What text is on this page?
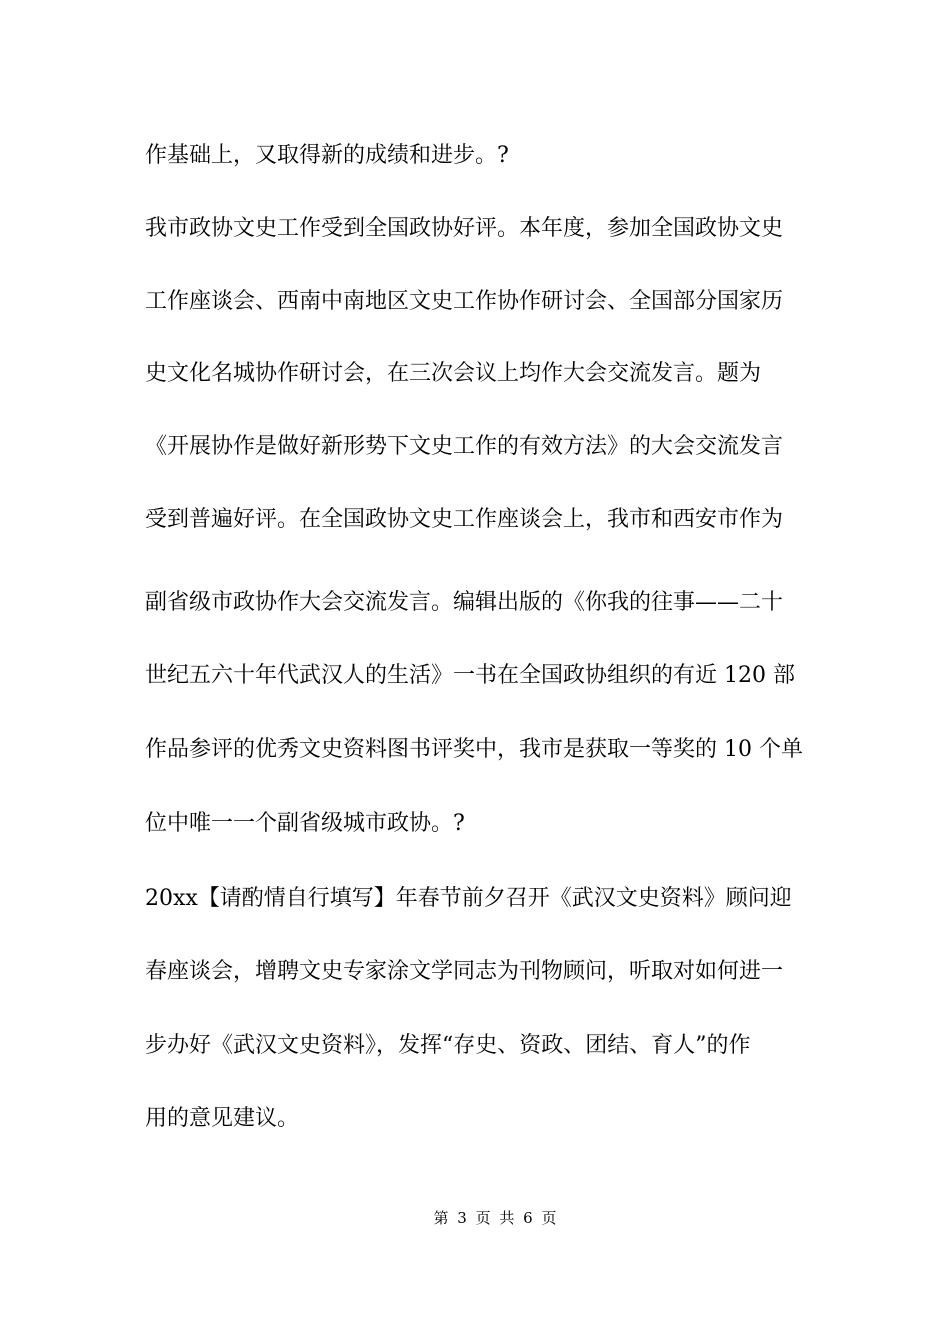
作基础上，又取得新的成绩和进步。?
我市政协文史工作受到全国政协好评。本年度，参加全国政协文史
工作座谈会、西南中南地区文史工作协作研讨会、全国部分国家历
史文化名城协作研讨会，在三次会议上均作大会交流发言。题为
《开展协作是做好新形势下文史工作的有效方法》的大会交流发言
受到普遍好评。在全国政协文史工作座谈会上，我市和西安市作为
副省级市政协作大会交流发言。编辑出版的《你我的往事——二十
世纪五六十年代武汉人的生活》一书在全国政协组织的有近 120 部
作品参评的优秀文史资料图书评奖中，我市是获取一等奖的 10 个单
位中唯一一个副省级城市政协。?
20xx【请酌情自行填写】年春节前夕召开《武汉文史资料》顾问迎
春座谈会，增聘文史专家涂文学同志为刊物顾问，听取对如何进一
步办好《武汉文史资料》，发挥“存史、资政、团结、育人”的作
用的意见建议。
第 3 页 共 6 页
